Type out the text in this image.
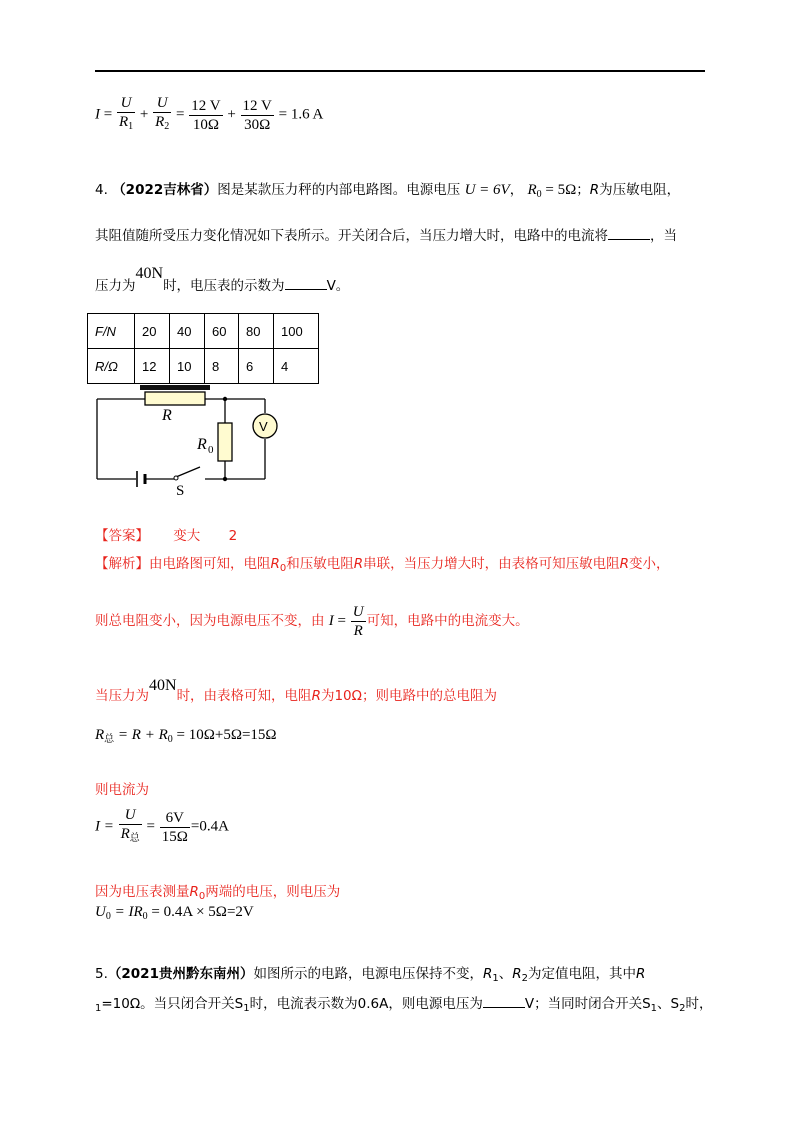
$I = \frac{U}{R_1} + \frac{U}{R_2} = \frac{12 V}{10\Omega} + \frac{12 V}{30\Omega} = 1.6$ A
4. （2022吉林省）图是某款压力秤的内部电路图。电源电压 U = 6V， $R_0 = 5\Omega$；R为压敏电阻，
其阻值随所受压力变化情况如下表所示。开关闭合后，当压力增大时，电路中的电流将	，当
压力为40N时，电压表的示数为	V。
F/N	20	40	60	80	100
R/Ω	12	10	8	6	4
R
R 0
V
S
【答案】 变大 2
【解析】由电路图可知，电阻$R_0$和压敏电阻R串联，当压力增大时，由表格可知压敏电阻R变小，
则总电阻变小，因为电源电压不变，由 $I = \frac{U}{R}$ 可知，电路中的电流变大。
当压力为40N时，由表格可知，电阻R为10Ω；则电路中的总电阻为
$R_总 = R + R_0 = 10\Omega+5\Omega=15\Omega$
则电流为
$I = \frac{U}{R_总} = \frac{6V}{15\Omega} =0.4A$
因为电压表测量$R_0$两端的电压，则电压为
$U_0 = IR_0 = 0.4A \times 5\Omega=2V$
5.（2021贵州黔东南州）如图所示的电路，电源电压保持不变，$R_1$、$R_2$为定值电阻，其中R
$_1$=10Ω。当只闭合开关$S_1$时，电流表示数为0.6A，则电源电压为	V；当同时闭合开关$S_1$、$S_2$时，
